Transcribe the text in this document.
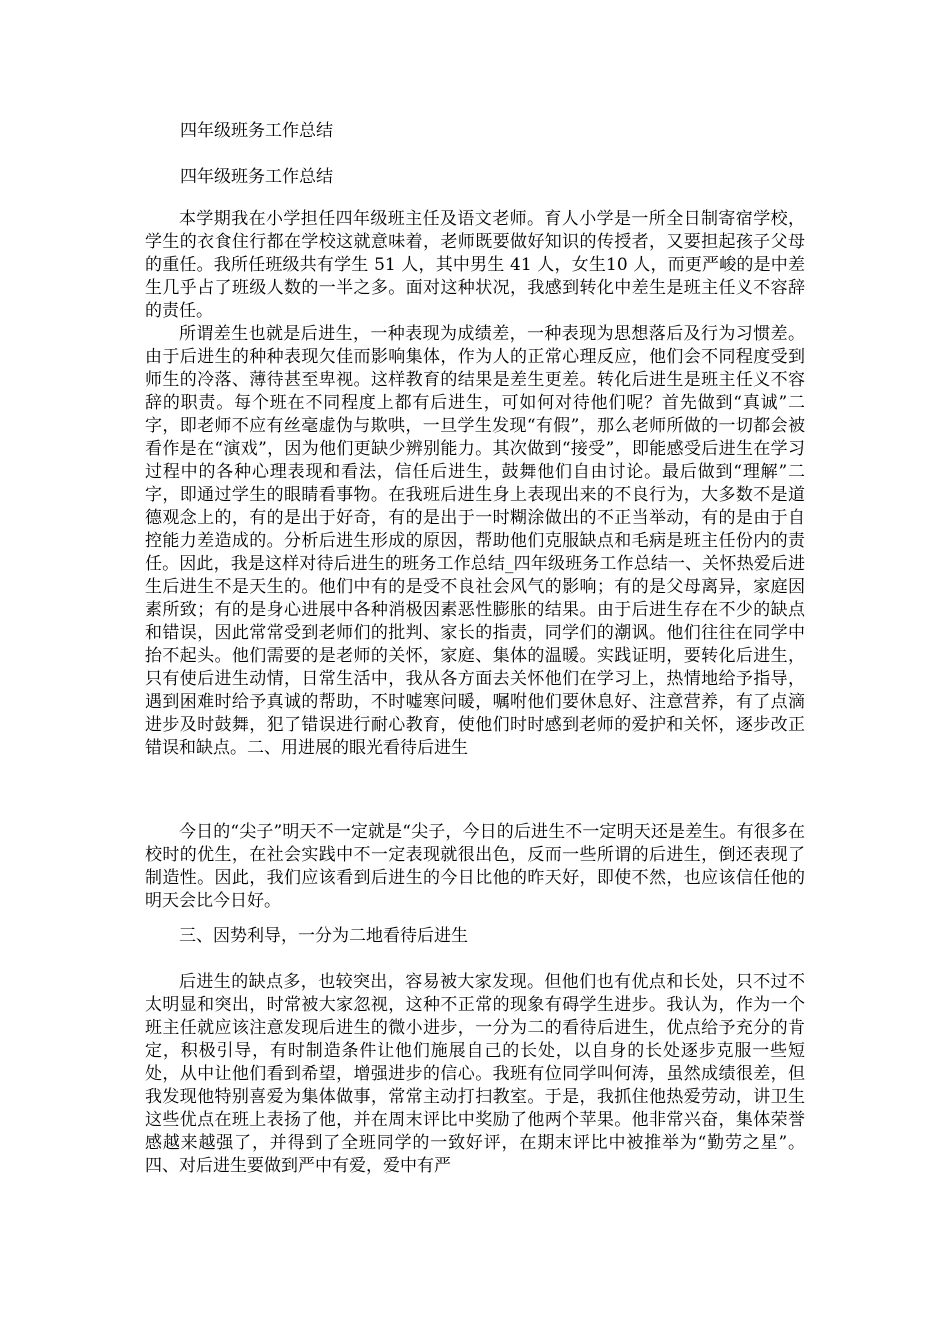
四年级班务工作总结
四年级班务工作总结

本学期我在小学担任四年级班主任及语文老师。育人小学是一所全日制寄宿学校，学生的衣食住行都在学校这就意味着，老师既要做好知识的传授者，又要担起孩子父母的重任。我所任班级共有学生 51 人，其中男生 41 人，女生10 人，而更严峻的是中差生几乎占了班级人数的一半之多。面对这种状况，我感到转化中差生是班主任义不容辞的责任。

所谓差生也就是后进生，一种表现为成绩差，一种表现为思想落后及行为习惯差。由于后进生的种种表现欠佳而影响集体，作为人的正常心理反应，他们会不同程度受到师生的冷落、薄待甚至卑视。这样教育的结果是差生更差。转化后进生是班主任义不容辞的职责。每个班在不同程度上都有后进生，可如何对待他们呢？首先做到“真诚”二字，即老师不应有丝毫虚伪与欺哄，一旦学生发现“有假”，那么老师所做的一切都会被看作是在“演戏”，因为他们更缺少辨别能力。其次做到“接受”，即能感受后进生在学习过程中的各种心理表现和看法，信任后进生，鼓舞他们自由讨论。最后做到“理解”二字，即通过学生的眼睛看事物。在我班后进生身上表现出来的不良行为，大多数不是道德观念上的，有的是出于好奇，有的是出于一时糊涂做出的不正当举动，有的是由于自控能力差造成的。分析后进生形成的原因，帮助他们克服缺点和毛病是班主任份内的责任。因此，我是这样对待后进生的班务工作总结_四年级班务工作总结一、关怀热爱后进生后进生不是天生的。他们中有的是受不良社会风气的影响；有的是父母离异，家庭因素所致；有的是身心进展中各种消极因素恶性膨胀的结果。由于后进生存在不少的缺点和错误，因此常常受到老师们的批判、家长的指责，同学们的潮讽。他们往往在同学中抬不起头。他们需要的是老师的关怀，家庭、集体的温暖。实践证明，要转化后进生，只有使后进生动情，日常生活中，我从各方面去关怀他们在学习上，热情地给予指导，遇到困难时给予真诚的帮助，不时嘘寒问暖，嘱咐他们要休息好、注意营养，有了点滴进步及时鼓舞，犯了错误进行耐心教育，使他们时时感到老师的爱护和关怀，逐步改正错误和缺点。二、用进展的眼光看待后进生

今日的“尖子”明天不一定就是“尖子，今日的后进生不一定明天还是差生。有很多在校时的优生，在社会实践中不一定表现就很出色，反而一些所谓的后进生，倒还表现了制造性。因此，我们应该看到后进生的今日比他的昨天好，即使不然，也应该信任他的明天会比今日好。

三、因势利导，一分为二地看待后进生

后进生的缺点多，也较突出，容易被大家发现。但他们也有优点和长处，只不过不太明显和突出，时常被大家忽视，这种不正常的现象有碍学生进步。我认为，作为一个班主任就应该注意发现后进生的微小进步，一分为二的看待后进生，优点给予充分的肯定，积极引导，有时制造条件让他们施展自己的长处，以自身的长处逐步克服一些短处，从中让他们看到希望，增强进步的信心。我班有位同学叫何涛，虽然成绩很差，但我发现他特别喜爱为集体做事，常常主动打扫教室。于是，我抓住他热爱劳动，讲卫生这些优点在班上表扬了他，并在周末评比中奖励了他两个苹果。他非常兴奋，集体荣誉感越来越强了，并得到了全班同学的一致好评，在期末评比中被推举为“勤劳之星”。四、对后进生要做到严中有爱，爱中有严
